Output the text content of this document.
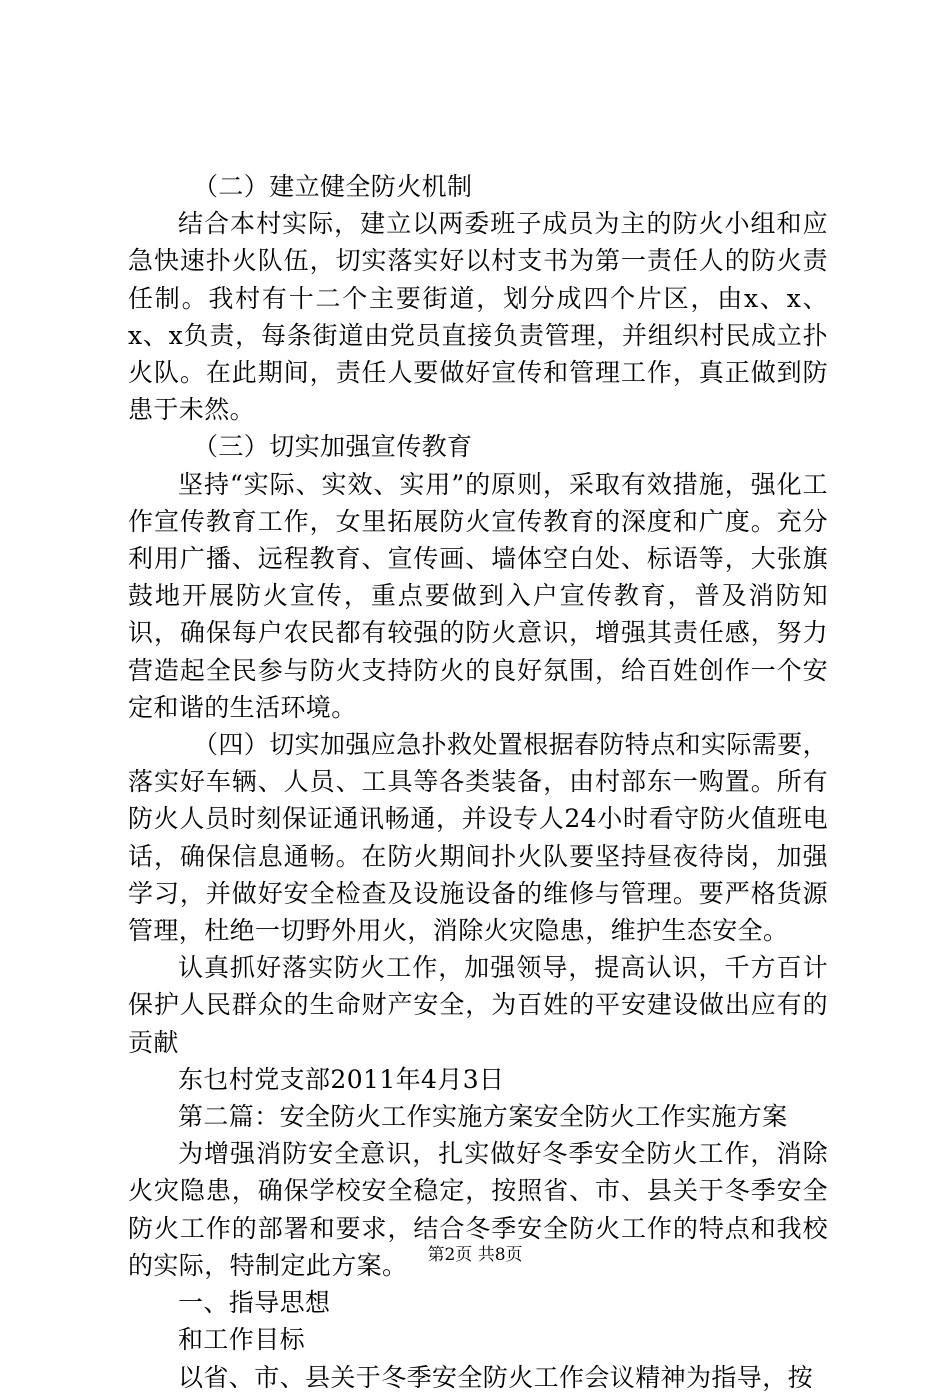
（二）建立健全防火机制

结合本村实际，建立以两委班子成员为主的防火小组和应急快速扑火队伍，切实落实好以村支书为第一责任人的防火责任制。我村有十二个主要街道，划分成四个片区，由x、x、x、x负责，每条街道由党员直接负责管理，并组织村民成立扑火队。在此期间，责任人要做好宣传和管理工作，真正做到防患于未然。

（三）切实加强宣传教育

坚持“实际、实效、实用”的原则，采取有效措施，强化工作宣传教育工作，女里拓展防火宣传教育的深度和广度。充分利用广播、远程教育、宣传画、墙体空白处、标语等，大张旗鼓地开展防火宣传，重点要做到入户宣传教育，普及消防知识，确保每户农民都有较强的防火意识，增强其责任感，努力营造起全民参与防火支持防火的良好氛围，给百姓创作一个安定和谐的生活环境。

（四）切实加强应急扑救处置根据春防特点和实际需要，落实好车辆、人员、工具等各类装备，由村部东一购置。所有防火人员时刻保证通讯畅通，并设专人24小时看守防火值班电话，确保信息通畅。在防火期间扑火队要坚持昼夜待岗，加强学习，并做好安全检查及设施设备的维修与管理。要严格货源管理，杜绝一切野外用火，消除火灾隐患，维护生态安全。

认真抓好落实防火工作，加强领导，提高认识，千方百计保护人民群众的生命财产安全，为百姓的平安建设做出应有的贡献

东乜村党支部2011年4月3日

第二篇：安全防火工作实施方案安全防火工作实施方案

为增强消防安全意识，扎实做好冬季安全防火工作，消除火灾隐患，确保学校安全稳定，按照省、市、县关于冬季安全防火工作的部署和要求，结合冬季安全防火工作的特点和我校的实际，特制定此方案。

一、指导思想

和工作目标

以省、市、县关于冬季安全防火工作会议精神为指导，按

第2页 共8页
